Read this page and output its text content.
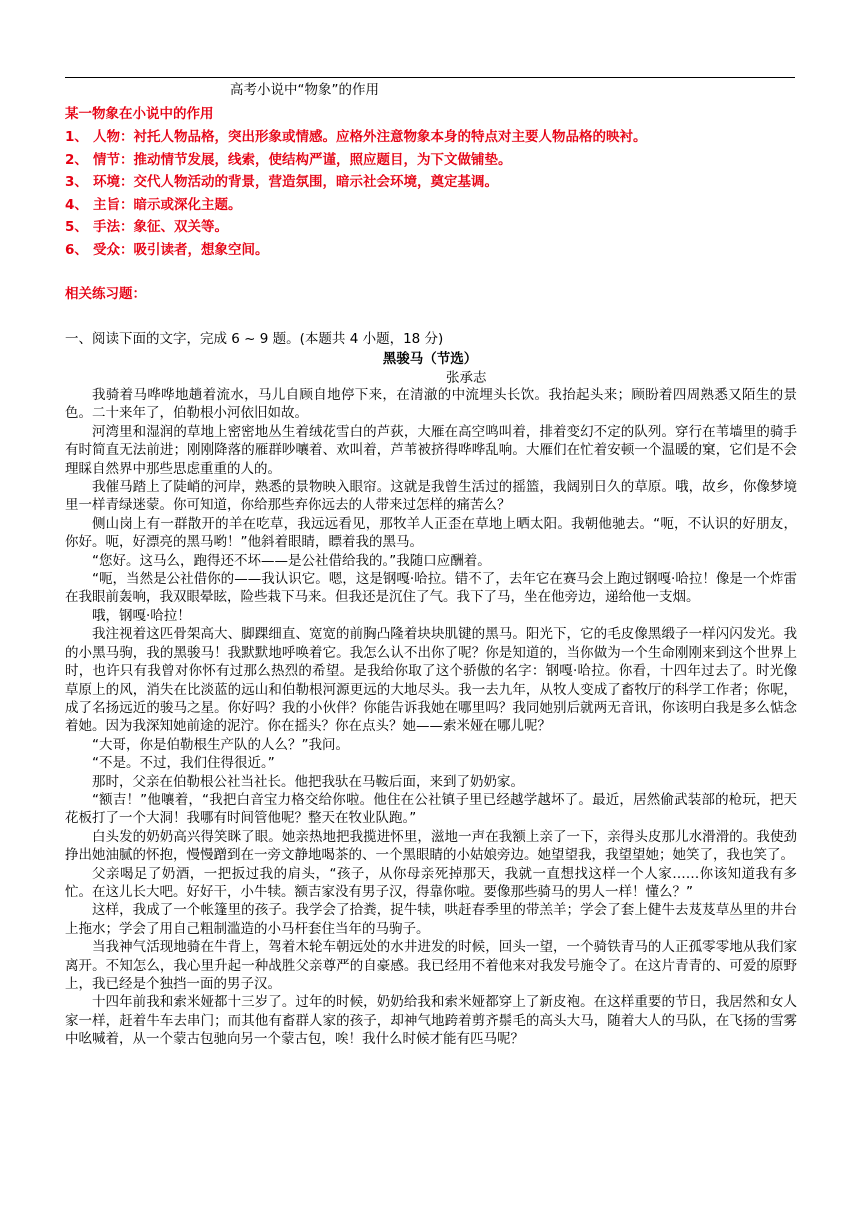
高考小说中“物象”的作用
某一物象在小说中的作用
1、 人物：衬托人物品格，突出形象或情感。应格外注意物象本身的特点对主要人物品格的映衬。
2、 情节：推动情节发展，线索，使结构严谨，照应题目，为下文做铺垫。
3、 环境：交代人物活动的背景，营造氛围，暗示社会环境，奠定基调。
4、 主旨：暗示或深化主题。
5、 手法：象征、双关等。
6、 受众：吸引读者，想象空间。
相关练习题：
一、阅读下面的文字，完成 6 ~ 9 题。(本题共 4 小题，18 分)
黑骏马（节选）
张承志

我骑着马哗哗地趟着流水，马儿自顾自地停下来，在清澈的中流埋头长饮。我抬起头来；顾盼着四周熟悉又陌生的景色。二十来年了，伯勒根小河依旧如故。

河湾里和湿润的草地上密密地丛生着绒花雪白的芦荻，大雁在高空鸣叫着，排着变幻不定的队列。穿行在苇墙里的骑手有时简直无法前进；刚刚降落的雁群吵嚷着、欢叫着，芦苇被挤得哗哗乱响。大雁们在忙着安顿一个温暖的窠，它们是不会理睬自然界中那些思虑重重的人的。

我催马踏上了陡峭的河岸，熟悉的景物映入眼帘。这就是我曾生活过的摇篮，我阔别日久的草原。哦，故乡，你像梦境里一样青绿迷蒙。你可知道，你给那些弃你远去的人带来过怎样的痛苦么？

侧山岗上有一群散开的羊在吃草，我远远看见，那牧羊人正歪在草地上晒太阳。我朝他驰去。“呃，不认识的好朋友，你好。呃，好漂亮的黑马哟！”他斜着眼睛，瞟着我的黑马。

“您好。这马么，跑得还不坏——是公社借给我的。”我随口应酬着。

“呃，当然是公社借你的——我认识它。嗯，这是钢嘎·哈拉。错不了，去年它在赛马会上跑过钢嘎·哈拉！像是一个炸雷在我眼前轰响，我双眼晕眩，险些栽下马来。但我还是沉住了气。我下了马，坐在他旁边，递给他一支烟。

哦，钢嘎·哈拉！

我注视着这匹骨架高大、脚踝细直、宽宽的前胸凸隆着块块肌键的黑马。阳光下，它的毛皮像黑缎子一样闪闪发光。我的小黑马驹，我的黑骏马！我默默地呼唤着它。我怎么认不出你了呢？你是知道的，当你做为一个生命刚刚来到这个世界上时，也许只有我曾对你怀有过那么热烈的希望。是我给你取了这个骄傲的名字：钢嘎·哈拉。你看，十四年过去了。时光像草原上的风，消失在比淡蓝的远山和伯勒根河源更远的大地尽头。我一去九年，从牧人变成了畜牧厅的科学工作者；你呢，成了名扬远近的骏马之星。你好吗？我的小伙伴？你能告诉我她在哪里吗？我同她别后就两无音讯，你该明白我是多么惦念着她。因为我深知她前途的泥泞。你在摇头？你在点头？她——索米娅在哪儿呢？

“大哥，你是伯勒根生产队的人么？”我问。

“不是。不过，我们住得很近。”

那时，父亲在伯勒根公社当社长。他把我驮在马鞍后面，来到了奶奶家。

“额吉！”他嚷着，“我把白音宝力格交给你啦。他住在公社镇子里已经越学越坏了。最近，居然偷武装部的枪玩，把天花板打了一个大洞！我哪有时间管他呢？整天在牧业队跑。”

白头发的奶奶高兴得笑眯了眼。她亲热地把我揽进怀里，滋地一声在我额上亲了一下，亲得头皮那儿水滑滑的。我使劲挣出她油腻的怀抱，慢慢蹭到在一旁文静地喝茶的、一个黑眼睛的小姑娘旁边。她望望我，我望望她；她笑了，我也笑了。

父亲喝足了奶酒，一把扳过我的肩头，“孩子，从你母亲死掉那天，我就一直想找这样一个人家……你该知道我有多忙。在这儿长大吧。好好干，小牛犊。额吉家没有男子汉，得靠你啦。要像那些骑马的男人一样！懂么？”

这样，我成了一个帐篷里的孩子。我学会了拾粪，捉牛犊，哄赶春季里的带羔羊；学会了套上健牛去芨芨草丛里的井台上拖水；学会了用自己粗制滥造的小马杆套住当年的马驹子。

当我神气活现地骑在牛背上，驾着木轮车朝远处的水井进发的时候，回头一望，一个骑铁青马的人正孤零零地从我们家离开。不知怎么，我心里升起一种战胜父亲尊严的自豪感。我已经用不着他来对我发号施令了。在这片青青的、可爱的原野上，我已经是个独挡一面的男子汉。

十四年前我和索米娅都十三岁了。过年的时候，奶奶给我和索米娅都穿上了新皮袍。在这样重要的节日，我居然和女人家一样，赶着牛车去串门；而其他有畜群人家的孩子，却神气地跨着剪齐鬃毛的高头大马，随着大人的马队，在飞扬的雪雾中吆喊着，从一个蒙古包驰向另一个蒙古包，唉！我什么时候才能有匹马呢？
